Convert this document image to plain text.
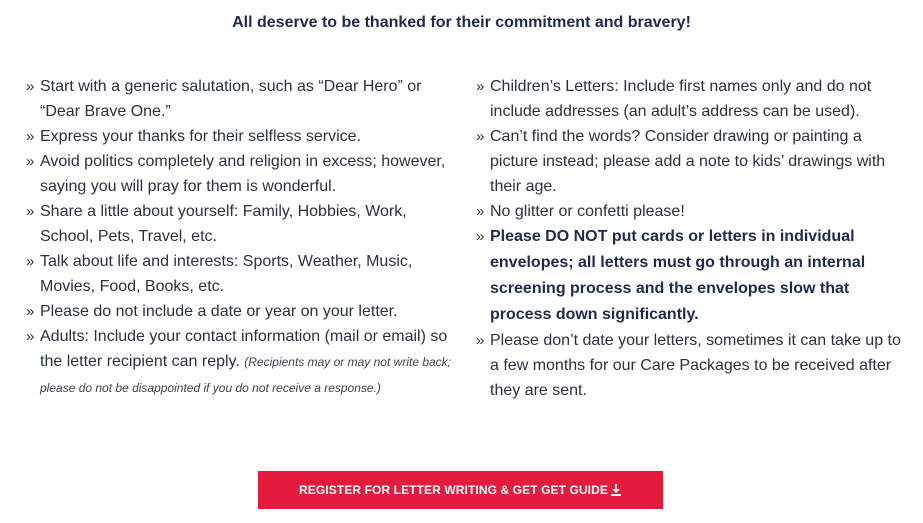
All deserve to be thanked for their commitment and bravery!
» Start with a generic salutation, such as “Dear Hero” or “Dear Brave One.”
» Express your thanks for their selfless service.
» Avoid politics completely and religion in excess; however, saying you will pray for them is wonderful.
» Share a little about yourself: Family, Hobbies, Work, School, Pets, Travel, etc.
» Talk about life and interests: Sports, Weather, Music, Movies, Food, Books, etc.
» Please do not include a date or year on your letter.
» Adults: Include your contact information (mail or email) so the letter recipient can reply. (Recipients may or may not write back; please do not be disappointed if you do not receive a response.)
» Children’s Letters: Include first names only and do not include addresses (an adult’s address can be used).
» Can’t find the words? Consider drawing or painting a picture instead; please add a note to kids’ drawings with their age.
» No glitter or confetti please!
» Please DO NOT put cards or letters in individual envelopes; all letters must go through an internal screening process and the envelopes slow that process down significantly.
» Please don’t date your letters, sometimes it can take up to a few months for our Care Packages to be received after they are sent.
REGISTER FOR LETTER WRITING & GET GET GUIDE
